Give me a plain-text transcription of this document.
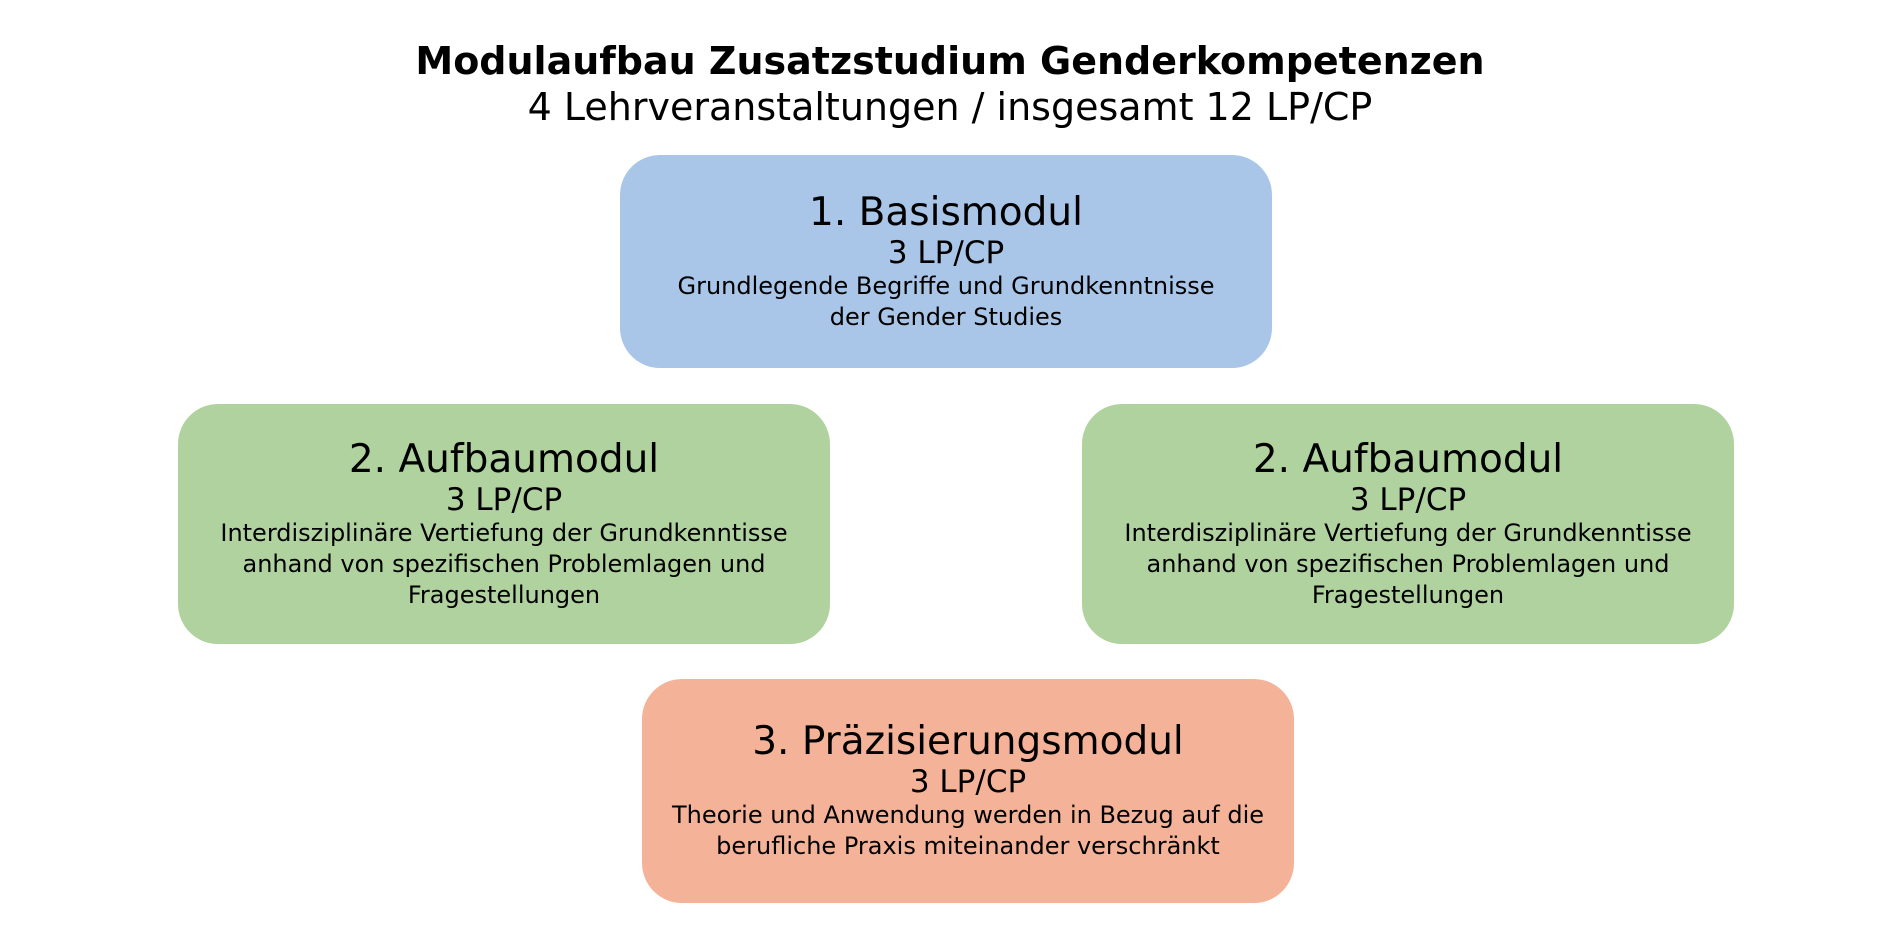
Modulaufbau Zusatzstudium Genderkompetenzen
4 Lehrveranstaltungen / insgesamt 12 LP/CP
1. Basismodul
3 LP/CP
Grundlegende Begriffe und Grundkenntnisse
der Gender Studies
2. Aufbaumodul
3 LP/CP
Interdisziplinäre Vertiefung der Grundkenntisse
anhand von spezifischen Problemlagen und
Fragestellungen
2. Aufbaumodul
3 LP/CP
Interdisziplinäre Vertiefung der Grundkenntisse
anhand von spezifischen Problemlagen und
Fragestellungen
3. Präzisierungsmodul
3 LP/CP
Theorie und Anwendung werden in Bezug auf die
berufliche Praxis miteinander verschränkt
